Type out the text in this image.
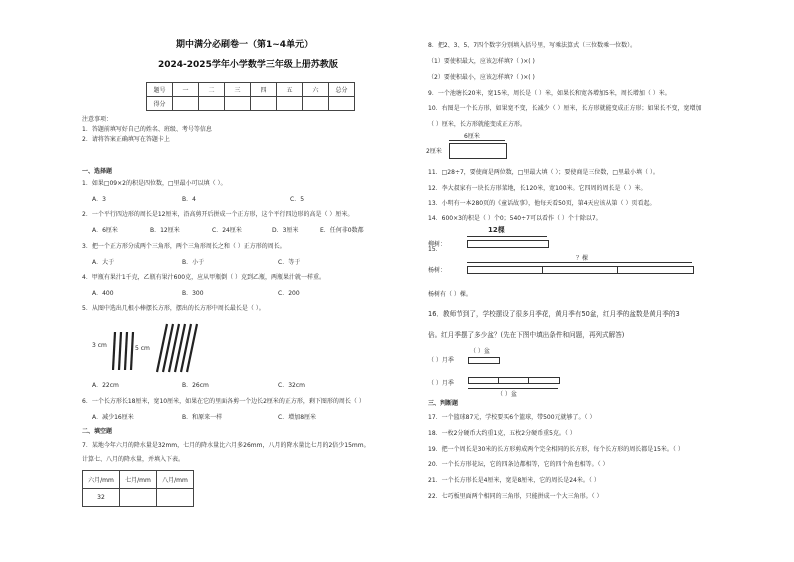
期中满分必刷卷一（第1~4单元）
2024-2025学年小学数学三年级上册苏教版
题号	一	二	三	四	五	六	总分
得分							
注意事项：
1．答题前填写好自己的姓名、班级、考号等信息
2．请将答案正确填写在答题卡上
一、选择题
1．如果□09×2的积是四位数，□里最小可以填（ ）。
A．3	B．4	C．5
2．一个平行四边形的周长是12厘米，沿高剪开后拼成一个正方形，这个平行四边形的高是（ ）厘米。
A．6厘米	B．12厘米	C．24厘米	D．3厘米	E．任何非0数都
3．把一个正方形分成两个三角形，两个三角形周长之和（ ）正方形的周长。
A．大于	B．小于	C．等于
4．甲瓶有果汁1千克，乙瓶有果汁600克，应从甲瓶倒（ ）克到乙瓶，两瓶果汁就一样重。
A．400	B．300	C．200
5．从图中选出几根小棒摆长方形，摆出的长方形中周长最长是（ ）。
3 cm	5 cm
A．22cm	B．26cm	C．32cm
6．一个长方形长18厘米，宽10厘米，如果在它的里面各剪一个边长2厘米的正方形，剩下图形的周长（ ）
A．减少16厘米	B．和原来一样	C．增加8厘米
二、填空题
7．某地今年六月的降水量是32mm，七月的降水量比六月多26mm，八月的降水量比七月的2倍少15mm。
计算七、八月的降水量，并填入下表。
六月/mm	七月/mm	八月/mm
32		
8．把2、3、5、7四个数字分别填入括号里，写乘法算式（三位数乘一位数）。
（1）要使积最大，应该怎样填?（ )×( )
（2）要使积最小，应该怎样填?（ )×( )
9．一个池塘长20米，宽15米，周长是（ ）米，如果长和宽各增加5米，周长增加（ ）米。
10．右图是一个长方形，如果宽不变，长减少（ ）厘米，长方形就能变成正方形；如果长不变，宽增加
（ ）厘米，长方形就能变成正方形。
6厘米
2厘米
11．□28÷7，要使商是两位数，□里最大填（ ）；要使商是三位数，□里最小填（ ）。
12．李大叔家有一块长方形菜地，长120米，宽100米。它四周的周长是（ ）米。
13．小明有一本280页的《童话故事》，他每天看50页，第4天应该从第（ ）页看起。
14．600×3的积是（ ）个0；540÷7可以看作（ ）个十除以7。
12棵
15．
柳树：
？棵
杨树：
杨树有（ ）棵。
16．教师节到了，学校摆设了很多月季花，黄月季有50盆，红月季的盆数是黄月季的3
倍。红月季摆了多少盆？(先在下图中填出条件和问题，再列式解答)
（ ）盆
（ ）月季
（ ）月季
（ ）盆
三、判断题
17．一个篮球87元，学校要买6个篮球，带500元就够了。（ ）
18．一枚2分硬币大约重1克，五枚2分硬币重5克。（ ）
19．把一个周长是30米的长方形剪成两个完全相同的长方形，每个长方形的周长都是15米。（ ）
20．一个长方形花坛，它的四条边都相等，它的四个角也相等。（ ）
21．一个长方形长是4厘米，宽是8厘米，它的周长是24米。（ ）
22．七巧板里面两个相同的三角形，只能拼成一个大三角形。（ ）
